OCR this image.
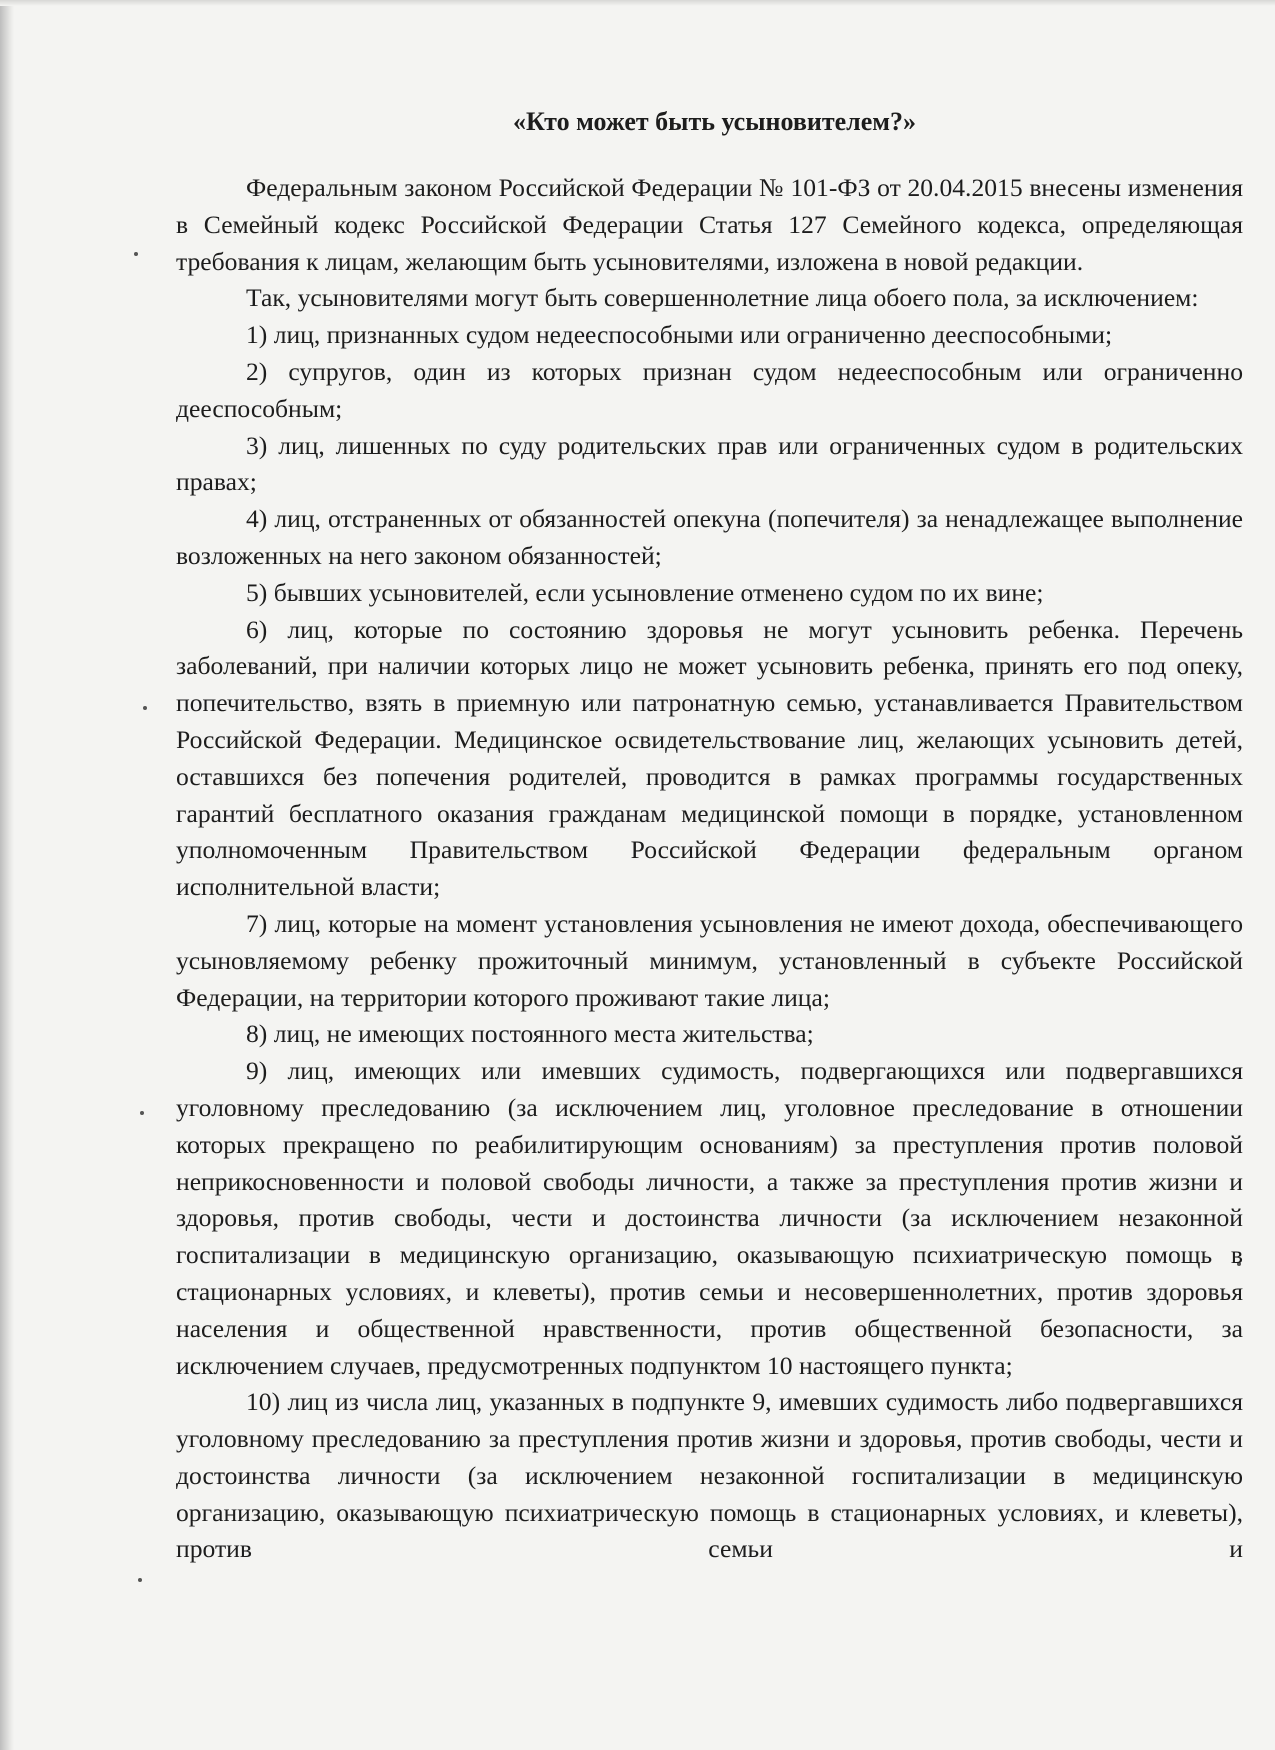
«Кто может быть усыновителем?»

Федеральным законом Российской Федерации № 101-ФЗ от 20.04.2015 внесены изменения в Семейный кодекс Российской Федерации Статья 127 Семейного кодекса, определяющая требования к лицам, желающим быть усыновителями, изложена в новой редакции.

Так, усыновителями могут быть совершеннолетние лица обоего пола, за исключением:

1) лиц, признанных судом недееспособными или ограниченно дееспособными;

2) супругов, один из которых признан судом недееспособным или ограниченно дееспособным;

3) лиц, лишенных по суду родительских прав или ограниченных судом в родительских правах;

4) лиц, отстраненных от обязанностей опекуна (попечителя) за ненадлежащее выполнение возложенных на него законом обязанностей;

5) бывших усыновителей, если усыновление отменено судом по их вине;

6) лиц, которые по состоянию здоровья не могут усыновить ребенка. Перечень заболеваний, при наличии которых лицо не может усыновить ребенка, принять его под опеку, попечительство, взять в приемную или патронатную семью, устанавливается Правительством Российской Федерации. Медицинское освидетельствование лиц, желающих усыновить детей, оставшихся без попечения родителей, проводится в рамках программы государственных гарантий бесплатного оказания гражданам медицинской помощи в порядке, установленном уполномоченным Правительством Российской Федерации федеральным органом исполнительной власти;

7) лиц, которые на момент установления усыновления не имеют дохода, обеспечивающего усыновляемому ребенку прожиточный минимум, установленный в субъекте Российской Федерации, на территории которого проживают такие лица;

8) лиц, не имеющих постоянного места жительства;

9) лиц, имеющих или имевших судимость, подвергающихся или подвергавшихся уголовному преследованию (за исключением лиц, уголовное преследование в отношении которых прекращено по реабилитирующим основаниям) за преступления против половой неприкосновенности и половой свободы личности, а также за преступления против жизни и здоровья, против свободы, чести и достоинства личности (за исключением незаконной госпитализации в медицинскую организацию, оказывающую психиатрическую помощь в стационарных условиях, и клеветы), против семьи и несовершеннолетних, против здоровья населения и общественной нравственности, против общественной безопасности, за исключением случаев, предусмотренных подпунктом 10 настоящего пункта;

10) лиц из числа лиц, указанных в подпункте 9, имевших судимость либо подвергавшихся уголовному преследованию за преступления против жизни и здоровья, против свободы, чести и достоинства личности (за исключением незаконной госпитализации в медицинскую организацию, оказывающую психиатрическую помощь в стационарных условиях, и клеветы), против семьи и
